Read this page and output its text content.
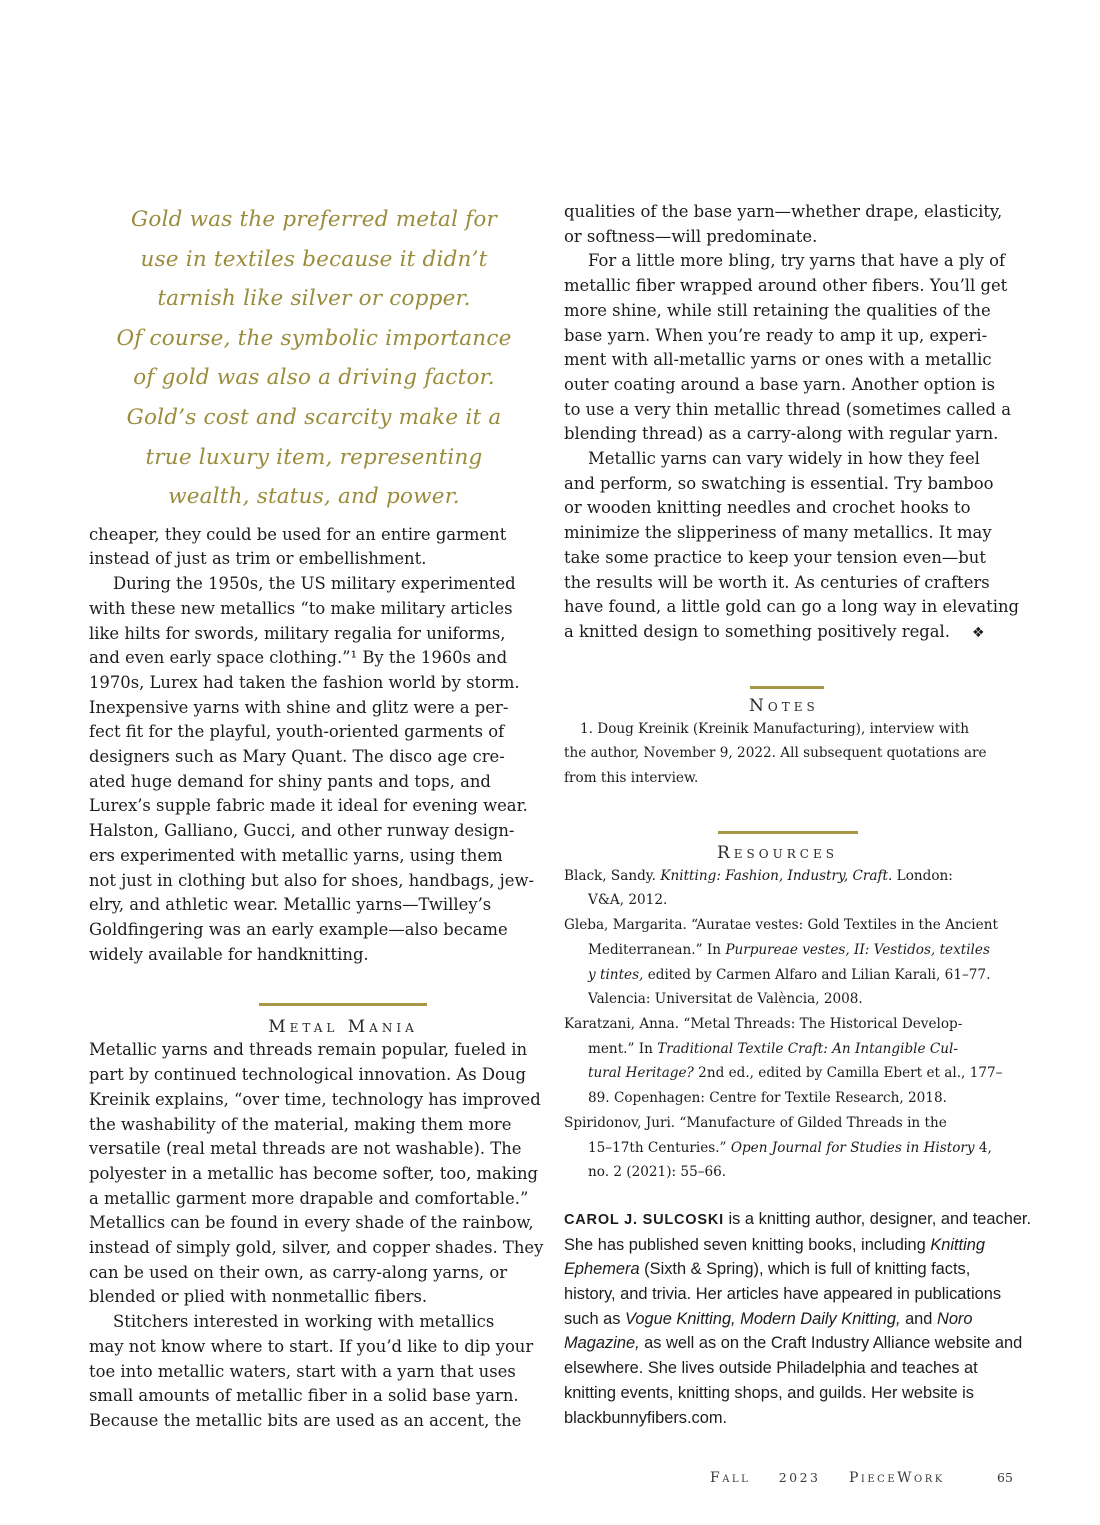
Gold was the preferred metal for
use in textiles because it didn’t
tarnish like silver or copper.
Of course, the symbolic importance
of gold was also a driving factor.
Gold’s cost and scarcity make it a
true luxury item, representing
wealth, status, and power.
cheaper, they could be used for an entire garment
instead of just as trim or embellishment.
During the 1950s, the US military experimented
with these new metallics “to make military articles
like hilts for swords, military regalia for uniforms,
and even early space clothing.”¹ By the 1960s and
1970s, Lurex had taken the fashion world by storm.
Inexpensive yarns with shine and glitz were a per-
fect fit for the playful, youth-oriented garments of
designers such as Mary Quant. The disco age cre-
ated huge demand for shiny pants and tops, and
Lurex’s supple fabric made it ideal for evening wear.
Halston, Galliano, Gucci, and other runway design-
ers experimented with metallic yarns, using them
not just in clothing but also for shoes, handbags, jew-
elry, and athletic wear. Metallic yarns—Twilley’s
Goldfingering was an early example—also became
widely available for handknitting.
Metal Mania
Metallic yarns and threads remain popular, fueled in
part by continued technological innovation. As Doug
Kreinik explains, “over time, technology has improved
the washability of the material, making them more
versatile (real metal threads are not washable). The
polyester in a metallic has become softer, too, making
a metallic garment more drapable and comfortable.”
Metallics can be found in every shade of the rainbow,
instead of simply gold, silver, and copper shades. They
can be used on their own, as carry-along yarns, or
blended or plied with nonmetallic fibers.
Stitchers interested in working with metallics
may not know where to start. If you’d like to dip your
toe into metallic waters, start with a yarn that uses
small amounts of metallic fiber in a solid base yarn.
Because the metallic bits are used as an accent, the
qualities of the base yarn—whether drape, elasticity,
or softness—will predominate.
For a little more bling, try yarns that have a ply of
metallic fiber wrapped around other fibers. You’ll get
more shine, while still retaining the qualities of the
base yarn. When you’re ready to amp it up, experi-
ment with all-metallic yarns or ones with a metallic
outer coating around a base yarn. Another option is
to use a very thin metallic thread (sometimes called a
blending thread) as a carry-along with regular yarn.
Metallic yarns can vary widely in how they feel
and perform, so swatching is essential. Try bamboo
or wooden knitting needles and crochet hooks to
minimize the slipperiness of many metallics. It may
take some practice to keep your tension even—but
the results will be worth it. As centuries of crafters
have found, a little gold can go a long way in elevating
a knitted design to something positively regal. ❖
Notes
1. Doug Kreinik (Kreinik Manufacturing), interview with
the author, November 9, 2022. All subsequent quotations are
from this interview.
Resources
Black, Sandy. Knitting: Fashion, Industry, Craft. London:
V&A, 2012.
Gleba, Margarita. “Auratae vestes: Gold Textiles in the Ancient
Mediterranean.” In Purpureae vestes, II: Vestidos, textiles
y tintes, edited by Carmen Alfaro and Lilian Karali, 61–77.
Valencia: Universitat de València, 2008.
Karatzani, Anna. “Metal Threads: The Historical Develop-
ment.” In Traditional Textile Craft: An Intangible Cul-
tural Heritage? 2nd ed., edited by Camilla Ebert et al., 177–
89. Copenhagen: Centre for Textile Research, 2018.
Spiridonov, Juri. “Manufacture of Gilded Threads in the
15–17th Centuries.” Open Journal for Studies in History 4,
no. 2 (2021): 55–66.
CAROL J. SULCOSKI is a knitting author, designer, and teacher.
She has published seven knitting books, including Knitting
Ephemera (Sixth & Spring), which is full of knitting facts,
history, and trivia. Her articles have appeared in publications
such as Vogue Knitting, Modern Daily Knitting, and Noro
Magazine, as well as on the Craft Industry Alliance website and
elsewhere. She lives outside Philadelphia and teaches at
knitting events, knitting shops, and guilds. Her website is
blackbunnyfibers.com.
Fall 2023 PieceWork	65
